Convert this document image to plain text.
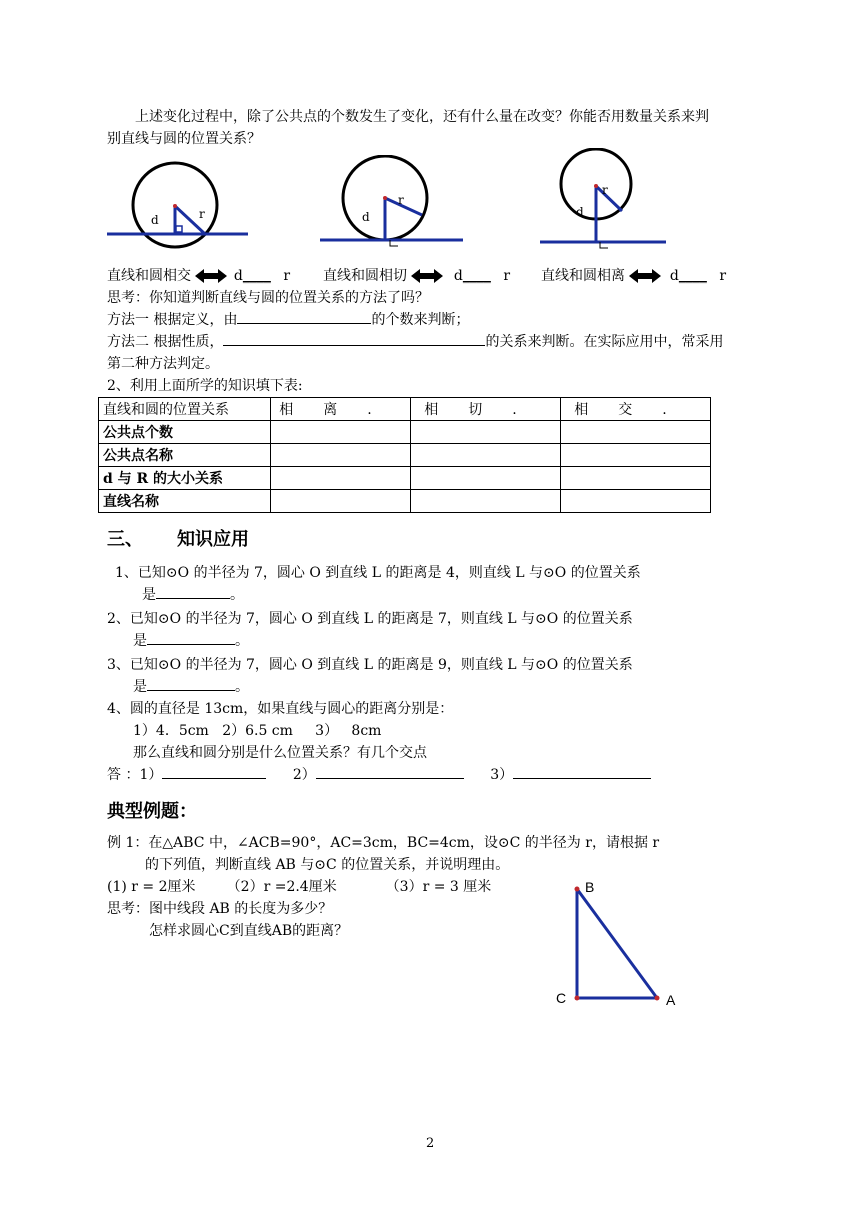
上述变化过程中，除了公共点的个数发生了变化，还有什么量在改变？你能否用数量关系来判
别直线与圆的位置关系？
d	r	d
r
d
r
直线和圆相交	d____ r 直线和圆相切	d____ r 直线和圆相离	d____ r
思考：你知道判断直线与圆的位置关系的方法了吗？
方法一 根据定义，由	的个数来判断；
方法二 根据性质，	的关系来判断。在实际应用中，常采用
第二种方法判定。
2、利用上面所学的知识填下表:
直线和圆的位置关系	相离.	相切.	相交.
公共点个数			
公共点名称			
d 与 R 的大小关系			
直线名称			
三、 知识应用
1、已知⊙O 的半径为 7，圆心 O 到直线 L 的距离是 4，则直线 L 与⊙O 的位置关系
是	。
2、已知⊙O 的半径为 7，圆心 O 到直线 L 的距离是 7，则直线 L 与⊙O 的位置关系
是	。
3、已知⊙O 的半径为 7，圆心 O 到直线 L 的距离是 9，则直线 L 与⊙O 的位置关系
是	。
4、圆的直径是 13cm，如果直线与圆心的距离分别是：
1）4．5cm   2）6.5 cm     3）   8cm
那么直线和圆分别是什么位置关系？有几个交点
答 ：1）	2）	3）
典型例题：
例 1：在△ABC 中，∠ACB=90°，AC=3cm，BC=4cm，设⊙C 的半径为 r，请根据 r
的下列值，判断直线 AB 与⊙C 的位置关系，并说明理由。
(1) r = 2厘米       （2）r =2.4厘米           （3）r = 3 厘米
思考：图中线段 AB 的长度为多少？
怎样求圆心C到直线AB的距离？
B
C	A
2
